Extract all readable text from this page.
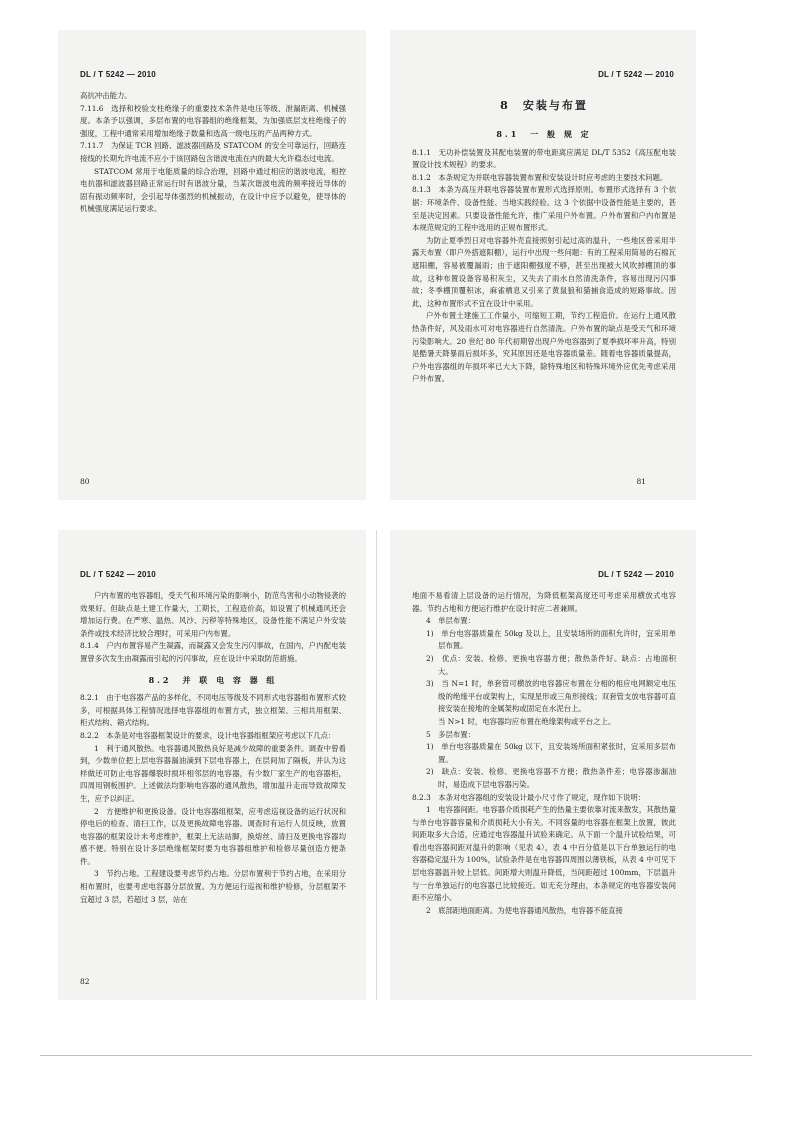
DL / T 5242 — 2010

高抗冲击能力。

7.11.6　选择和校验支柱绝缘子的重要技术条件是电压等级、泄漏距离、机械强度。本条予以强调，多层布置的电容器组的绝缘框架，为加强底层支柱绝缘子的强度，工程中通常采用增加绝缘子数量和选高一级电压的产品两种方式。

7.11.7　为保证 TCR 回路、滤波器回路及 STATCOM 的安全可靠运行，回路连接线的长期允许电流不应小于该回路包含谐波电流在内的最大允许稳态过电流。

STATCOM 常用于电能质量的综合治理，回路中通过相应的谐波电流，相控电抗器和滤波器回路正常运行时有谐波分量，当某次谐波电流的频率接近导体的固有振动频率时，会引起导体强烈的机械振动，在设计中应予以避免，使导体的机械强度满足运行要求。

80
DL / T 5242 — 2010

8　安装与布置

8.1　一 般 规 定

8.1.1　无功补偿装置及其配电装置的带电距离应满足 DL/T 5352《高压配电装置设计技术规程》的要求。

8.1.2　本条规定为并联电容器装置布置和安装设计时应考虑的主要技术问题。

8.1.3　本条为高压并联电容器装置布置形式选择原则。布置形式选择有 3 个依据：环境条件、设备性能、当地实践经验。这 3 个依据中设备性能是主要的，甚至是决定因素。只要设备性能允许，推广采用户外布置。户外布置和户内布置是本规范规定的工程中选用的正规布置形式。

为防止夏季烈日对电容器外壳直接照射引起过高的温升，一些地区曾采用半露天布置（即户外搭遮阳棚），运行中出现一些问题：有的工程采用简易的石棉瓦遮阳棚，容易被覆漏雨；由于遮阳棚强度不够，甚至出现被大风吹掉棚顶的事故，这种布置设备容易积灰尘，又失去了雨水自然清洗条件，容易出现污闪事故；冬季棚顶覆积冰，麻雀栖息又引来了黄鼠狼和猫捕食造成的短路事故。因此，这种布置形式不宜在设计中采用。

户外布置土建施工工作量小，可缩短工期，节约工程造价。在运行上通风散热条件好，风及雨水可对电容器进行自然清洗。户外布置的缺点是受天气和环境污染影响大。20 世纪 80 年代初期曾出现户外电容器到了夏季损坏率升高，特别是酷暑天降暴雨后损坏多，究其原因还是电容器质量差。随着电容器质量提高，户外电容器组的年损坏率已大大下降，除特殊地区和特殊环境外应优先考虑采用户外布置。

81
DL / T 5242 — 2010

户内布置的电容器组，受天气和环境污染的影响小，防范鸟害和小动物侵袭的效果好。但缺点是土建工作量大，工期长，工程造价高，如设置了机械通风还会增加运行费。在严寒、温热、风沙、污秽等特殊地区，设备性能不满足户外安装条件或技术经济比较合理时，可采用户内布置。

8.1.4　户内布置容易产生凝露，而凝露又会发生污闪事故，在国内，户内配电装置曾多次发生由凝露而引起的污闪事故，应在设计中采取防范措施。

8.2　并 联 电 容 器 组

8.2.1　由于电容器产品的多样化，不同电压等级及不同形式电容器组布置形式较多，可根据具体工程情况选择电容器组的布置方式，独立框架、三相共用框架、柜式结构、箱式结构。

8.2.2　本条是对电容器框架设计的要求，设计电容器组框架应考虑以下几点：

1　利于通风散热。电容器通风散热良好是减少故障的重要条件。调查中曾看到，少数单位把上层电容器漏油滴到下层电容器上，在层间加了隔板，并认为这样做还可防止电容器爆裂时损坏相邻层的电容器，有少数厂家生产的电容器柜，四周用钢板围护。上述做法均影响电容器的通风散热，增加温升走而导致故障发生，应予以纠正。

2　方便维护和更换设备。设计电容器组框架，应考虑巡视设备的运行状况和停电后的检查、清扫工作，以及更换故障电容器。调查时有运行人员反映，放置电容器的框架设计未考虑维护，框架上无法站脚，换熔丝、清扫及更换电容器均感不便。特别在设计多层绝缘框架时要为电容器组维护和检修尽量创造方便条件。

3　节约占地。工程建设要考虑节约占地。分层布置利于节约占地，在采用分相布置时，也要考虑电容器分层放置。为方便运行巡视和维护检修，分层框架不宜超过 3 层，若超过 3 层，站在

82
DL / T 5242 — 2010

地面不易看清上层设备的运行情况，为降低框架高度还可考虑采用横放式电容器。节约占地和方便运行维护在设计时应二者兼顾。

4　单层布置：

1)　单台电容器质量在 50kg 及以上，且安装场所的面积允许时，宜采用单层布置。

2)　优点：安装、检修、更换电容器方便；散热条件好。缺点：占地面积大。

3)　当 N=1 时，单套管可横放的电容器应布置在分相的相应电网额定电压级的绝缘平台或架构上，实现星形或三角形接线；双套管支放电容器可直接安装在接地的金属架构或固定在水泥台上。

当 N>1 时，电容器均应布置在绝缘架构或平台之上。

5　多层布置：

1)　单台电容器质量在 50kg 以下，且安装场所面积紧张时，宜采用多层布置。

2)　缺点：安装、检修、更换电容器不方便；散热条件差；电容器渗漏油时，易造成下层电容器污染。

8.2.3　本条对电容器组的安装设计最小尺寸作了规定，现作如下说明：

1　电容器间距。电容器介质损耗产生的热量主要依靠对流来散发，其散热量与单台电容器容量和介质损耗大小有关。不同容量的电容器在框架上放置，彼此间距取多大合适，应通过电容器温升试验来确定。从下面一个温升试验结果，可看出电容器间距对温升的影响（见表 4），表 4 中百分值是以下台单独运行的电容器稳定温升为 100%，试验条件是在电容器四周围以薄铁板，从表 4 中可见下层电容器温升较上层低。间距增大则温升降低，当间距超过 100mm，下层温升与一台单独运行的电容器已比较接近。如无充分理由，本条规定的电容器安装间距不应缩小。

2　底部距地面距离。为使电容器通风散热，电容器不能直接
